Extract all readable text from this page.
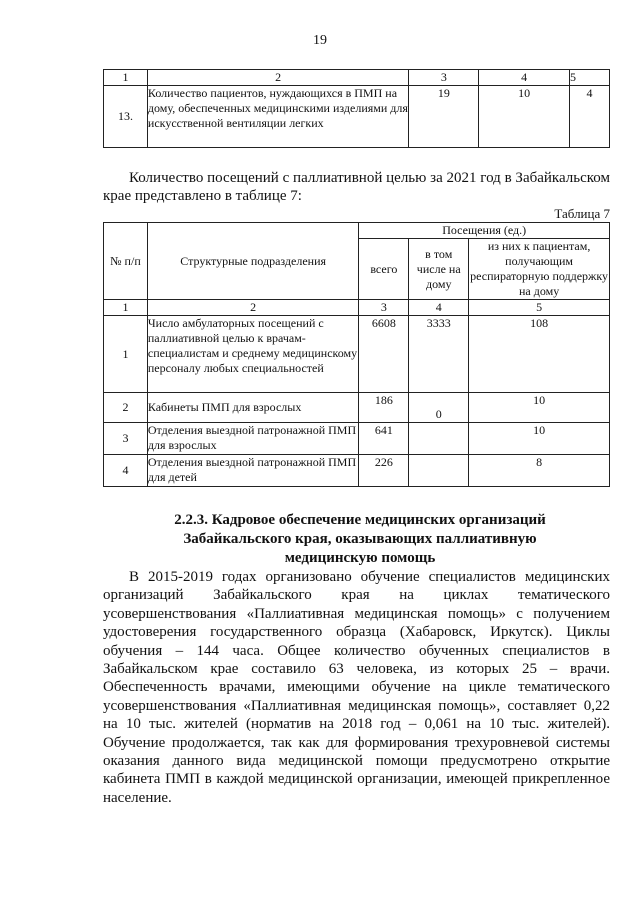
19
1	2	3	4	5
13.	Количество пациентов, нуждающихся в ПМП на дому, обеспеченных медицинскими изделиями для искусственной вентиляции легких	19	10	4
Количество посещений с паллиативной целью за 2021 год в Забайкальском крае представлено в таблице 7:
Таблица 7
№ п/п	Структурные подразделения	Посещения (ед.)		
		всего	в том числе на дому	из них к пациентам, получающим респираторную поддержку на дому
1	2	3	4	5
1	Число амбулаторных посещений с паллиативной целью к врачам-специалистам и среднему медицинскому персоналу любых специальностей	6608	3333	108
2	Кабинеты ПМП для взрослых	186	0	10
3	Отделения выездной патронажной ПМП для взрослых	641		10
4	Отделения выездной патронажной ПМП для детей	226		8
2.2.3. Кадровое обеспечение медицинских организаций Забайкальского края, оказывающих паллиативную медицинскую помощь
В 2015-2019 годах организовано обучение специалистов медицинских организаций Забайкальского края на циклах тематического усовершенствования «Паллиативная медицинская помощь» с получением удостоверения государственного образца (Хабаровск, Иркутск). Циклы обучения – 144 часа. Общее количество обученных специалистов в Забайкальском крае составило 63 человека, из которых 25 – врачи. Обеспеченность врачами, имеющими обучение на цикле тематического усовершенствования «Паллиативная медицинская помощь», составляет 0,22 на 10 тыс. жителей (норматив на 2018 год – 0,061 на 10 тыс. жителей). Обучение продолжается, так как для формирования трехуровневой системы оказания данного вида медицинской помощи предусмотрено открытие кабинета ПМП в каждой медицинской организации, имеющей прикрепленное население.
